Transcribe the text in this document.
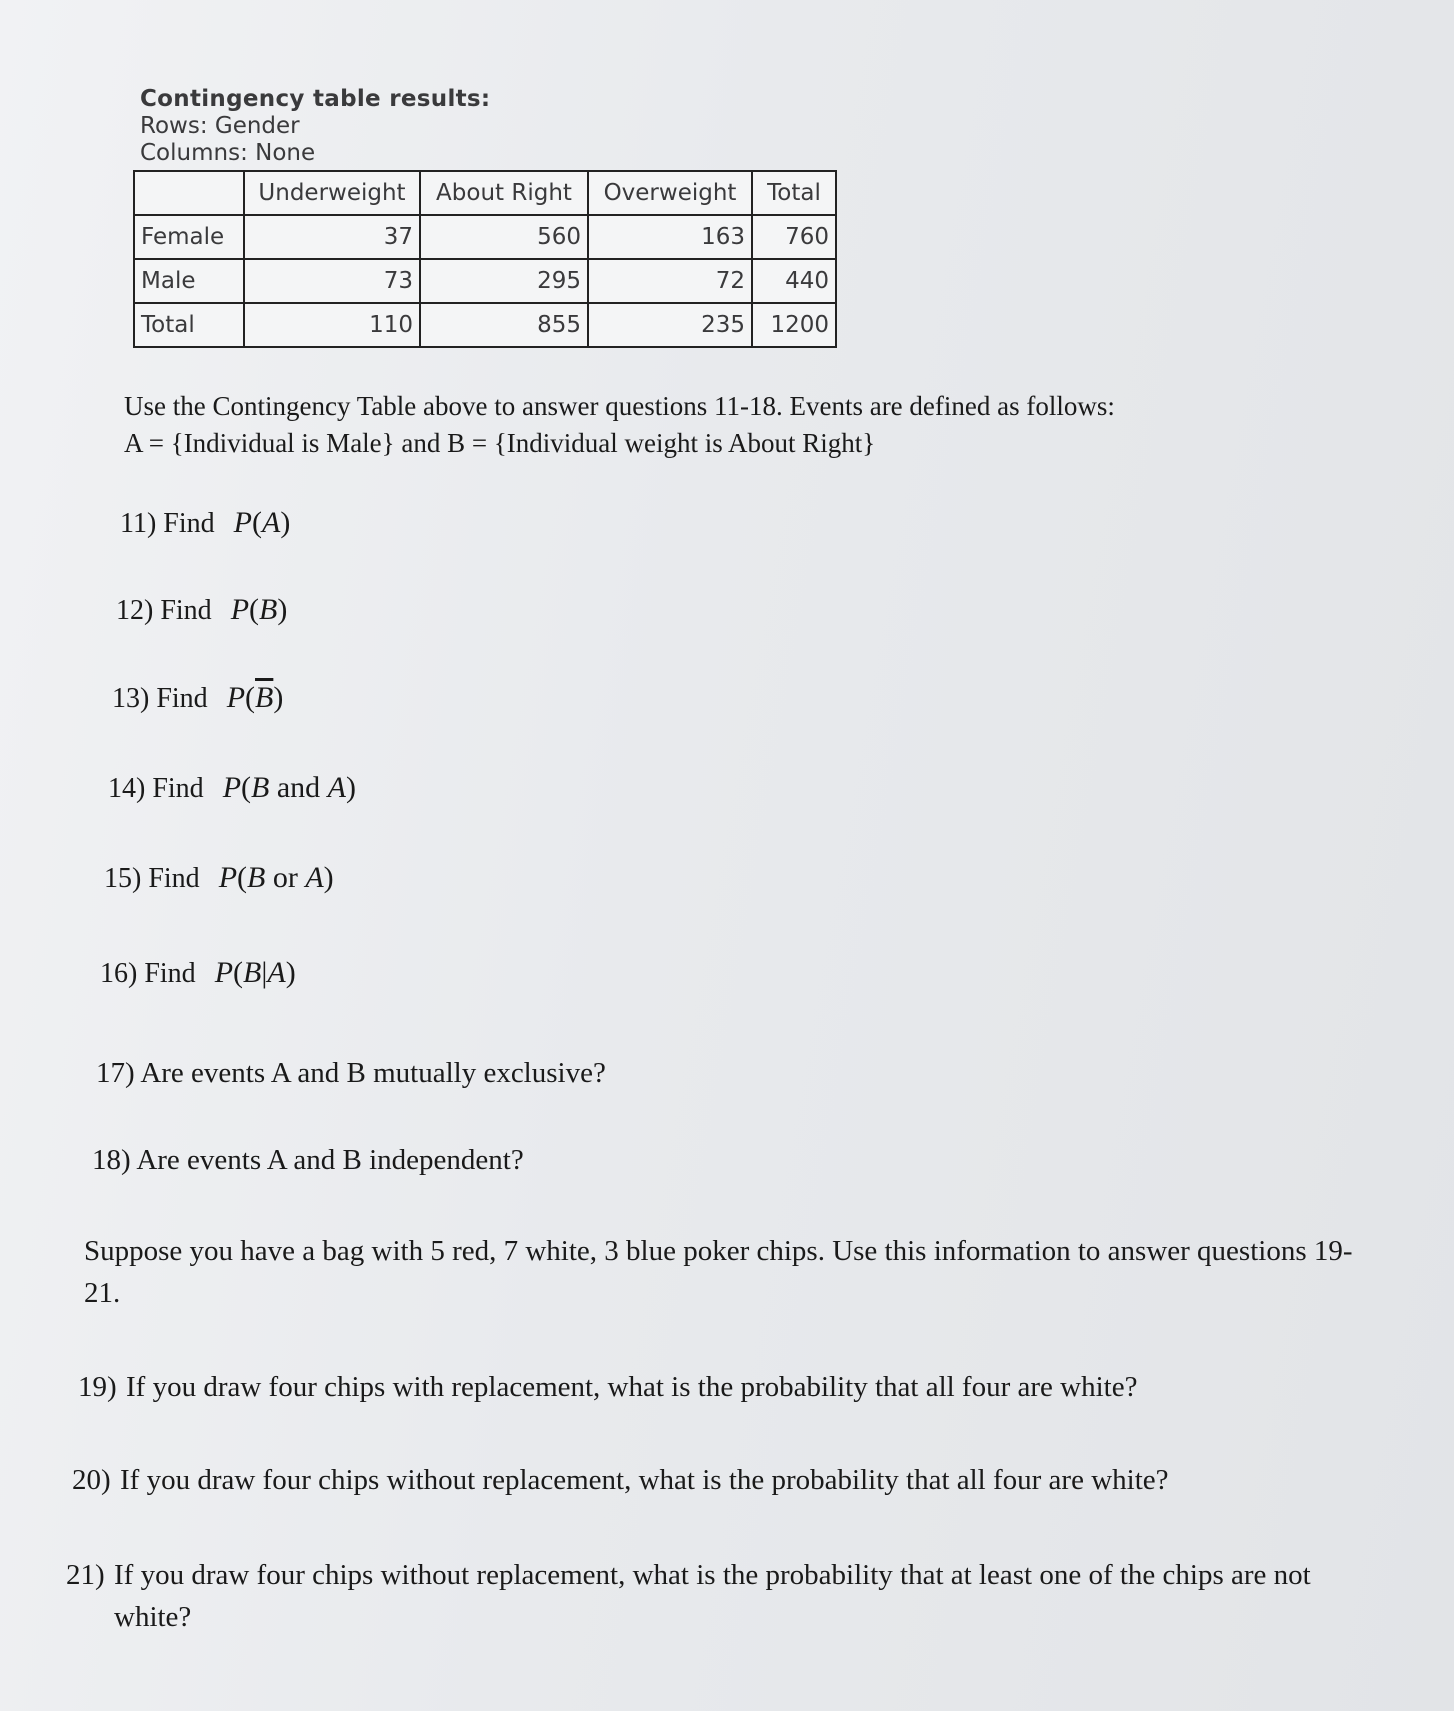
Contingency table results:
Rows: Gender
Columns: None
	Underweight	About Right	Overweight	Total
Female	37	560	163	760
Male	73	295	72	440
Total	110	855	235	1200
Use the Contingency Table above to answer questions 11-18. Events are defined as follows:
A = {Individual is Male} and B = {Individual weight is About Right}
11) Find P(A)
12) Find P(B)
13) Find $P(\overline{B})$
14) Find P(B and A)
15) Find P(B or A)
16) Find P(B|A)
17) Are events A and B mutually exclusive?
18) Are events A and B independent?
Suppose you have a bag with 5 red, 7 white, 3 blue poker chips. Use this information to answer questions 19-21.
19) If you draw four chips with replacement, what is the probability that all four are white?
20) If you draw four chips without replacement, what is the probability that all four are white?
21) If you draw four chips without replacement, what is the probability that at least one of the chips are not white?
